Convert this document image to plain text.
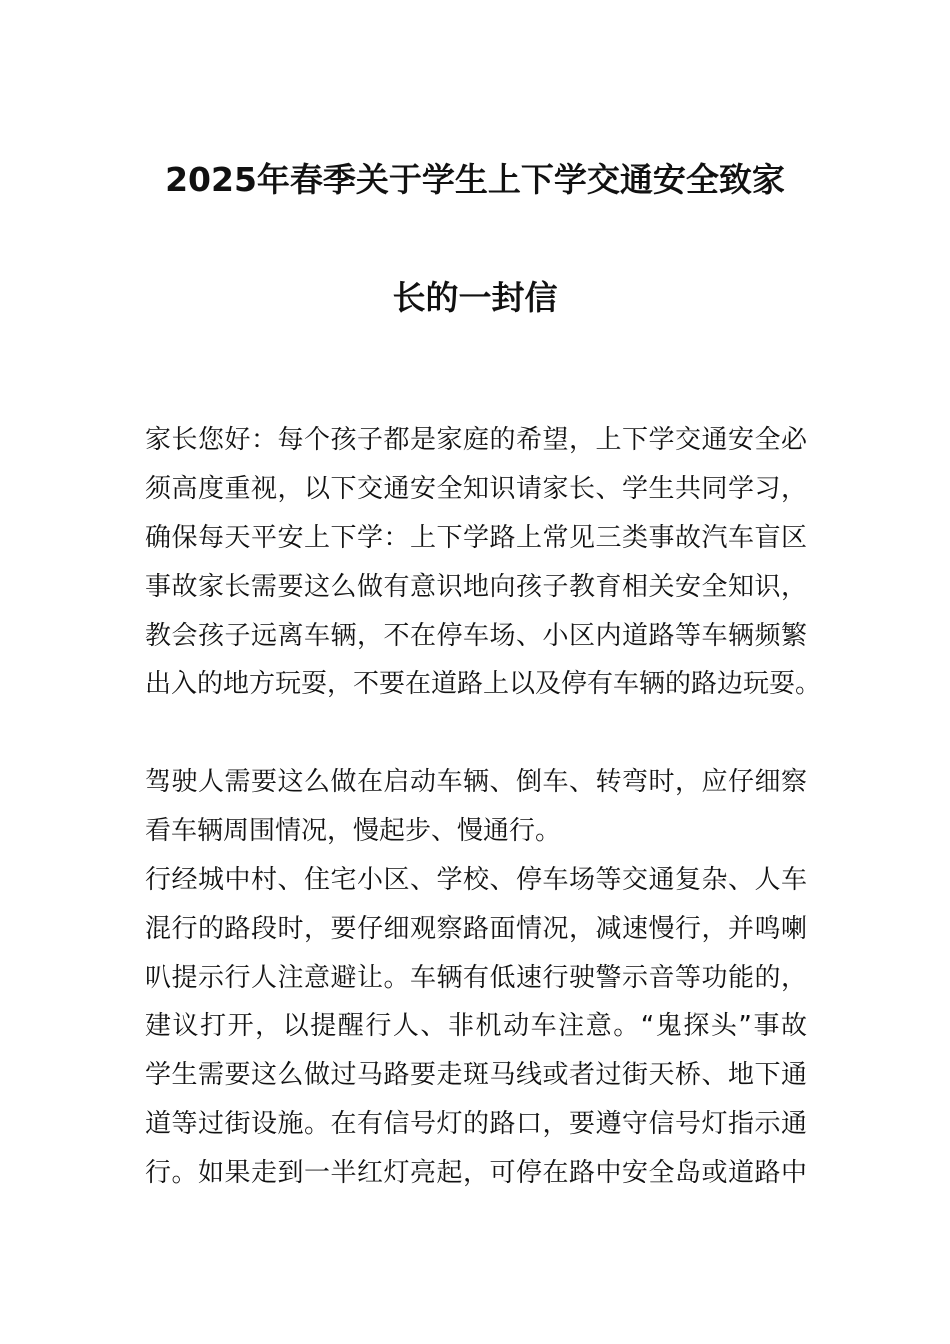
2025年春季关于学生上下学交通安全致家
长的一封信
家长您好：每个孩子都是家庭的希望，上下学交通安全必
须高度重视，以下交通安全知识请家长、学生共同学习，
确保每天平安上下学：上下学路上常见三类事故汽车盲区
事故家长需要这么做有意识地向孩子教育相关安全知识，
教会孩子远离车辆，不在停车场、小区内道路等车辆频繁
出入的地方玩耍，不要在道路上以及停有车辆的路边玩耍。
驾驶人需要这么做在启动车辆、倒车、转弯时，应仔细察
看车辆周围情况，慢起步、慢通行。
行经城中村、住宅小区、学校、停车场等交通复杂、人车
混行的路段时，要仔细观察路面情况，减速慢行，并鸣喇
叭提示行人注意避让。车辆有低速行驶警示音等功能的，
建议打开，以提醒行人、非机动车注意。“鬼探头”事故
学生需要这么做过马路要走斑马线或者过街天桥、地下通
道等过街设施。在有信号灯的路口，要遵守信号灯指示通
行。如果走到一半红灯亮起，可停在路中安全岛或道路中
